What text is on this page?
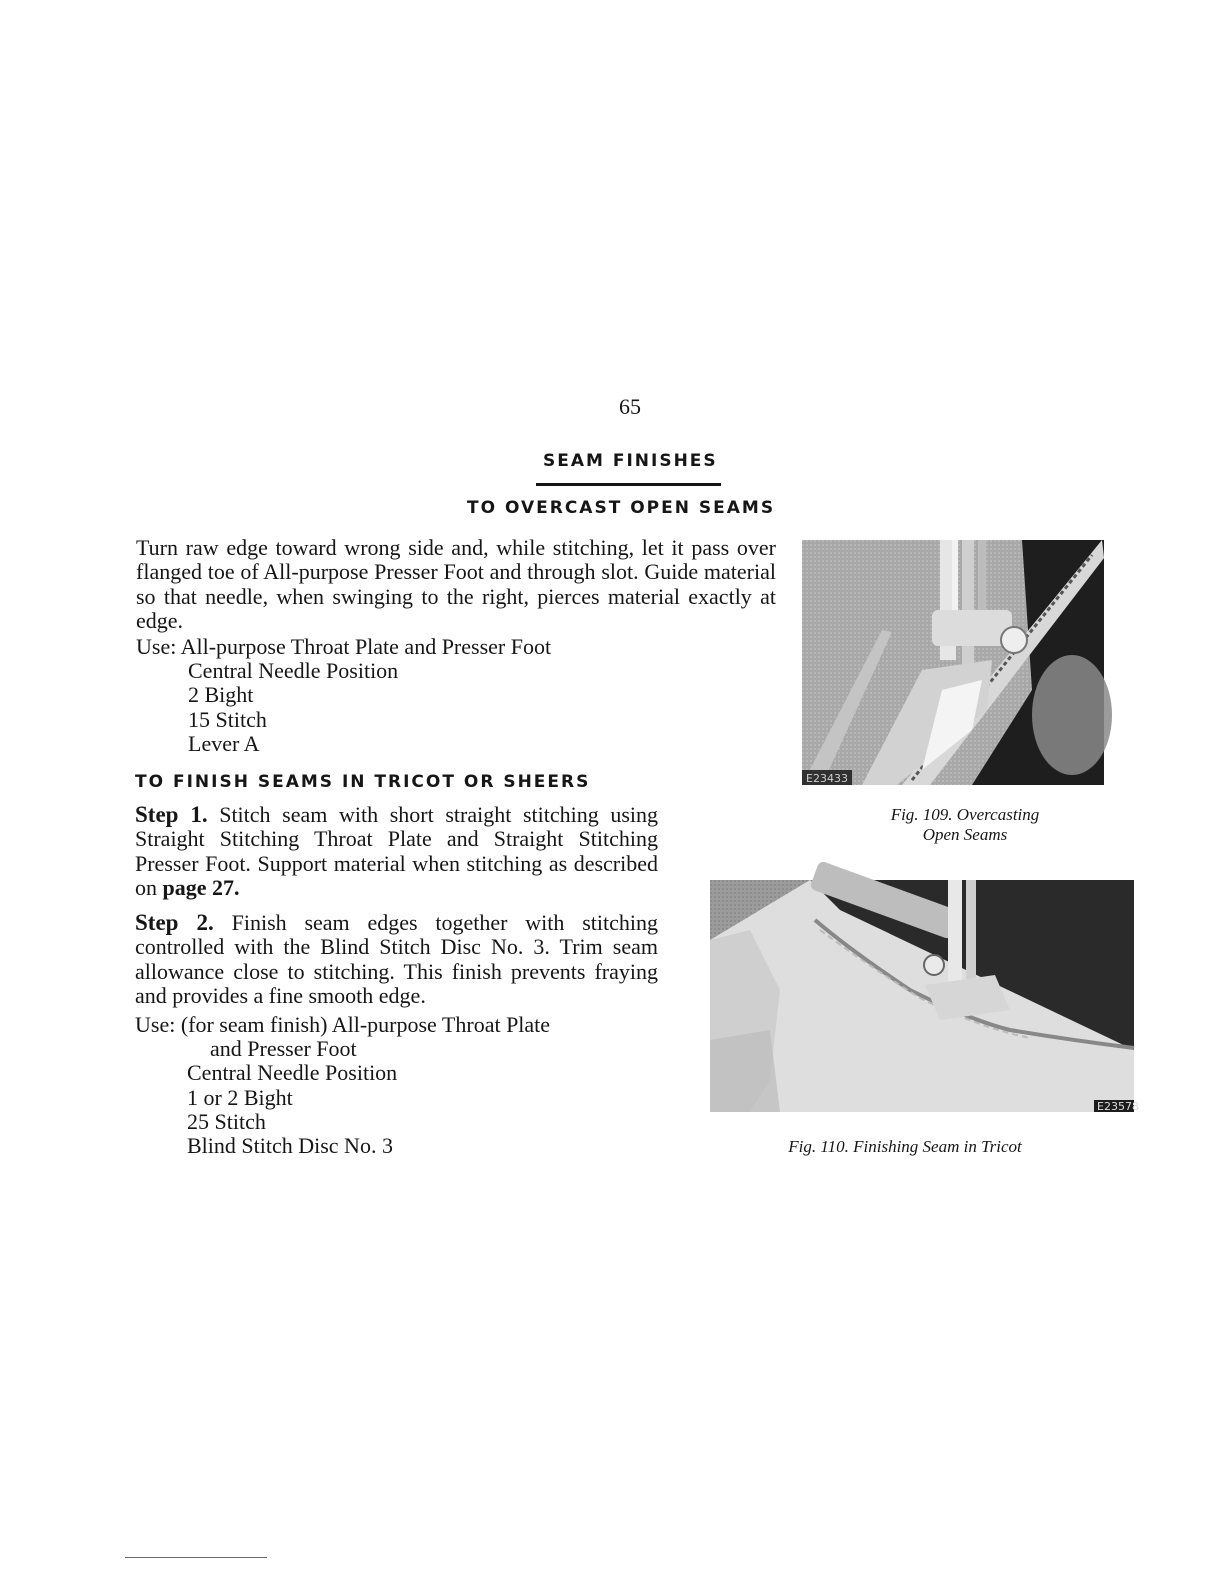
65
SEAM FINISHES
TO OVERCAST OPEN SEAMS
Turn raw edge toward wrong side and, while stitching, let it pass over flanged toe of All-purpose Presser Foot and through slot. Guide material so that needle, when swinging to the right, pierces material exactly at edge.
Use: All-purpose Throat Plate and Presser Foot
Central Needle Position
2 Bight
15 Stitch
Lever A
TO FINISH SEAMS IN TRICOT OR SHEERS
Step 1. Stitch seam with short straight stitching using Straight Stitching Throat Plate and Straight Stitching Presser Foot. Support material when stitching as described on page 27.
Step 2. Finish seam edges together with stitching controlled with the Blind Stitch Disc No. 3. Trim seam allowance close to stitching. This finish prevents fraying and provides a fine smooth edge.
Use: (for seam finish) All-purpose Throat Plate
and Presser Foot
Central Needle Position
1 or 2 Bight
25 Stitch
Blind Stitch Disc No. 3
E23433
Fig. 109. Overcasting
Open Seams
E23578
Fig. 110. Finishing Seam in Tricot
